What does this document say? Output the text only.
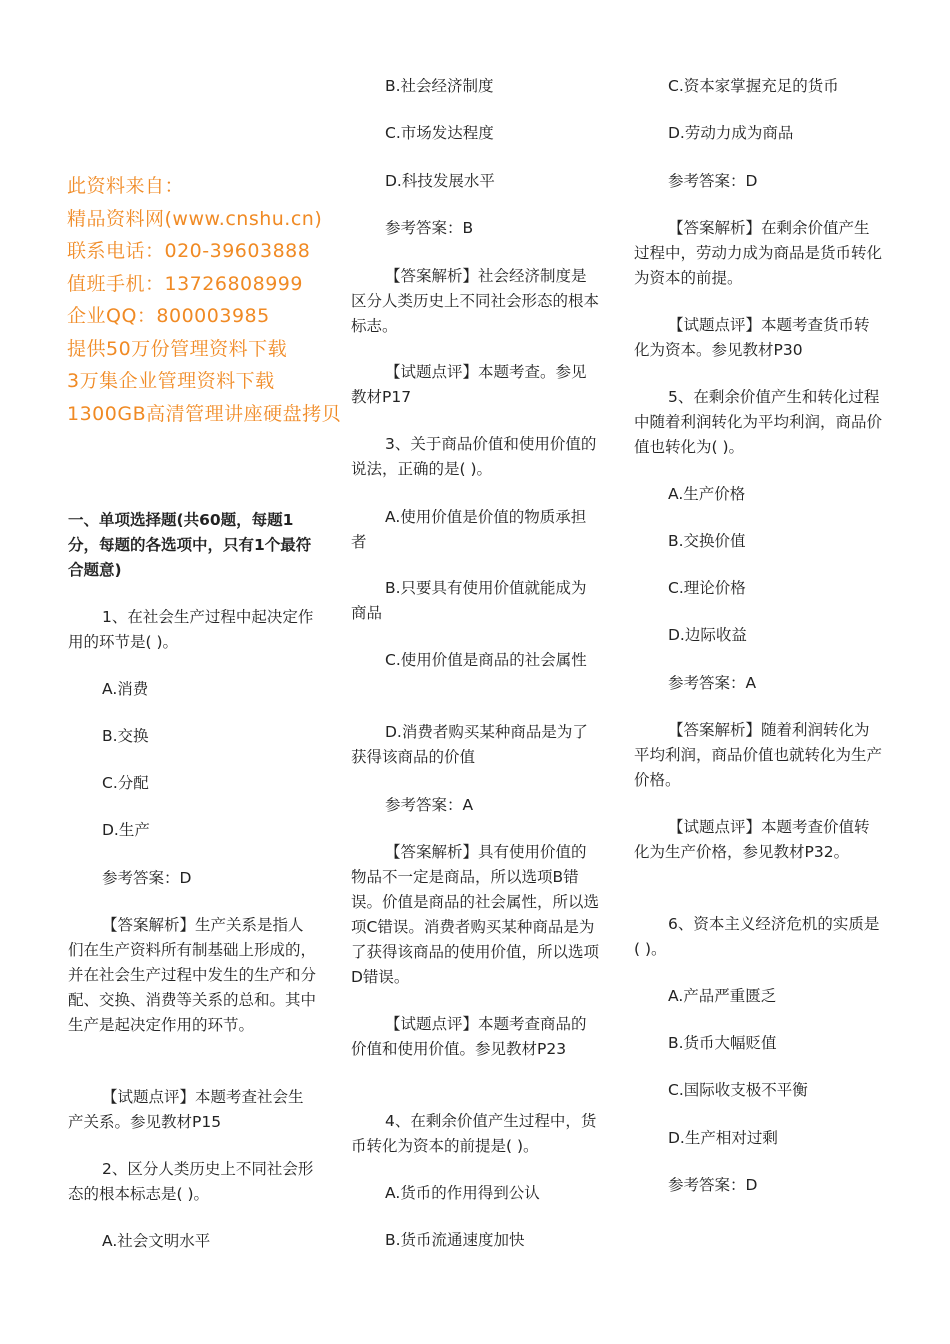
此资料来自：
精品资料网(www.cnshu.cn)
联系电话：020-39603888
值班手机：13726808999
企业QQ：800003985
提供50万份管理资料下载
3万集企业管理资料下载
1300GB高清管理讲座硬盘拷贝

一、单项选择题(共60题，每题1分，每题的各选项中，只有1个最符合题意)

1、在社会生产过程中起决定作用的环节是( )。

A.消费

B.交换

C.分配

D.生产

参考答案：D

【答案解析】生产关系是指人们在生产资料所有制基础上形成的，并在社会生产过程中发生的生产和分配、交换、消费等关系的总和。其中生产是起决定作用的环节。

【试题点评】本题考查社会生产关系。参见教材P15

2、区分人类历史上不同社会形态的根本标志是( )。

A.社会文明水平

B.社会经济制度

C.市场发达程度

D.科技发展水平

参考答案：B

【答案解析】社会经济制度是区分人类历史上不同社会形态的根本标志。

【试题点评】本题考查。参见教材P17

3、关于商品价值和使用价值的说法，正确的是( )。

A.使用价值是价值的物质承担者

B.只要具有使用价值就能成为商品

C.使用价值是商品的社会属性

D.消费者购买某种商品是为了获得该商品的价值

参考答案：A

【答案解析】具有使用价值的物品不一定是商品，所以选项B错误。价值是商品的社会属性，所以选项C错误。消费者购买某种商品是为了获得该商品的使用价值，所以选项D错误。

【试题点评】本题考查商品的价值和使用价值。参见教材P23

4、在剩余价值产生过程中，货币转化为资本的前提是( )。

A.货币的作用得到公认

B.货币流通速度加快

C.资本家掌握充足的货币

D.劳动力成为商品

参考答案：D

【答案解析】在剩余价值产生过程中，劳动力成为商品是货币转化为资本的前提。

【试题点评】本题考查货币转化为资本。参见教材P30

5、在剩余价值产生和转化过程中随着利润转化为平均利润，商品价值也转化为( )。

A.生产价格

B.交换价值

C.理论价格

D.边际收益

参考答案：A

【答案解析】随着利润转化为平均利润，商品价值也就转化为生产价格。

【试题点评】本题考查价值转化为生产价格，参见教材P32。

6、资本主义经济危机的实质是( )。

A.产品严重匮乏

B.货币大幅贬值

C.国际收支极不平衡

D.生产相对过剩

参考答案：D
